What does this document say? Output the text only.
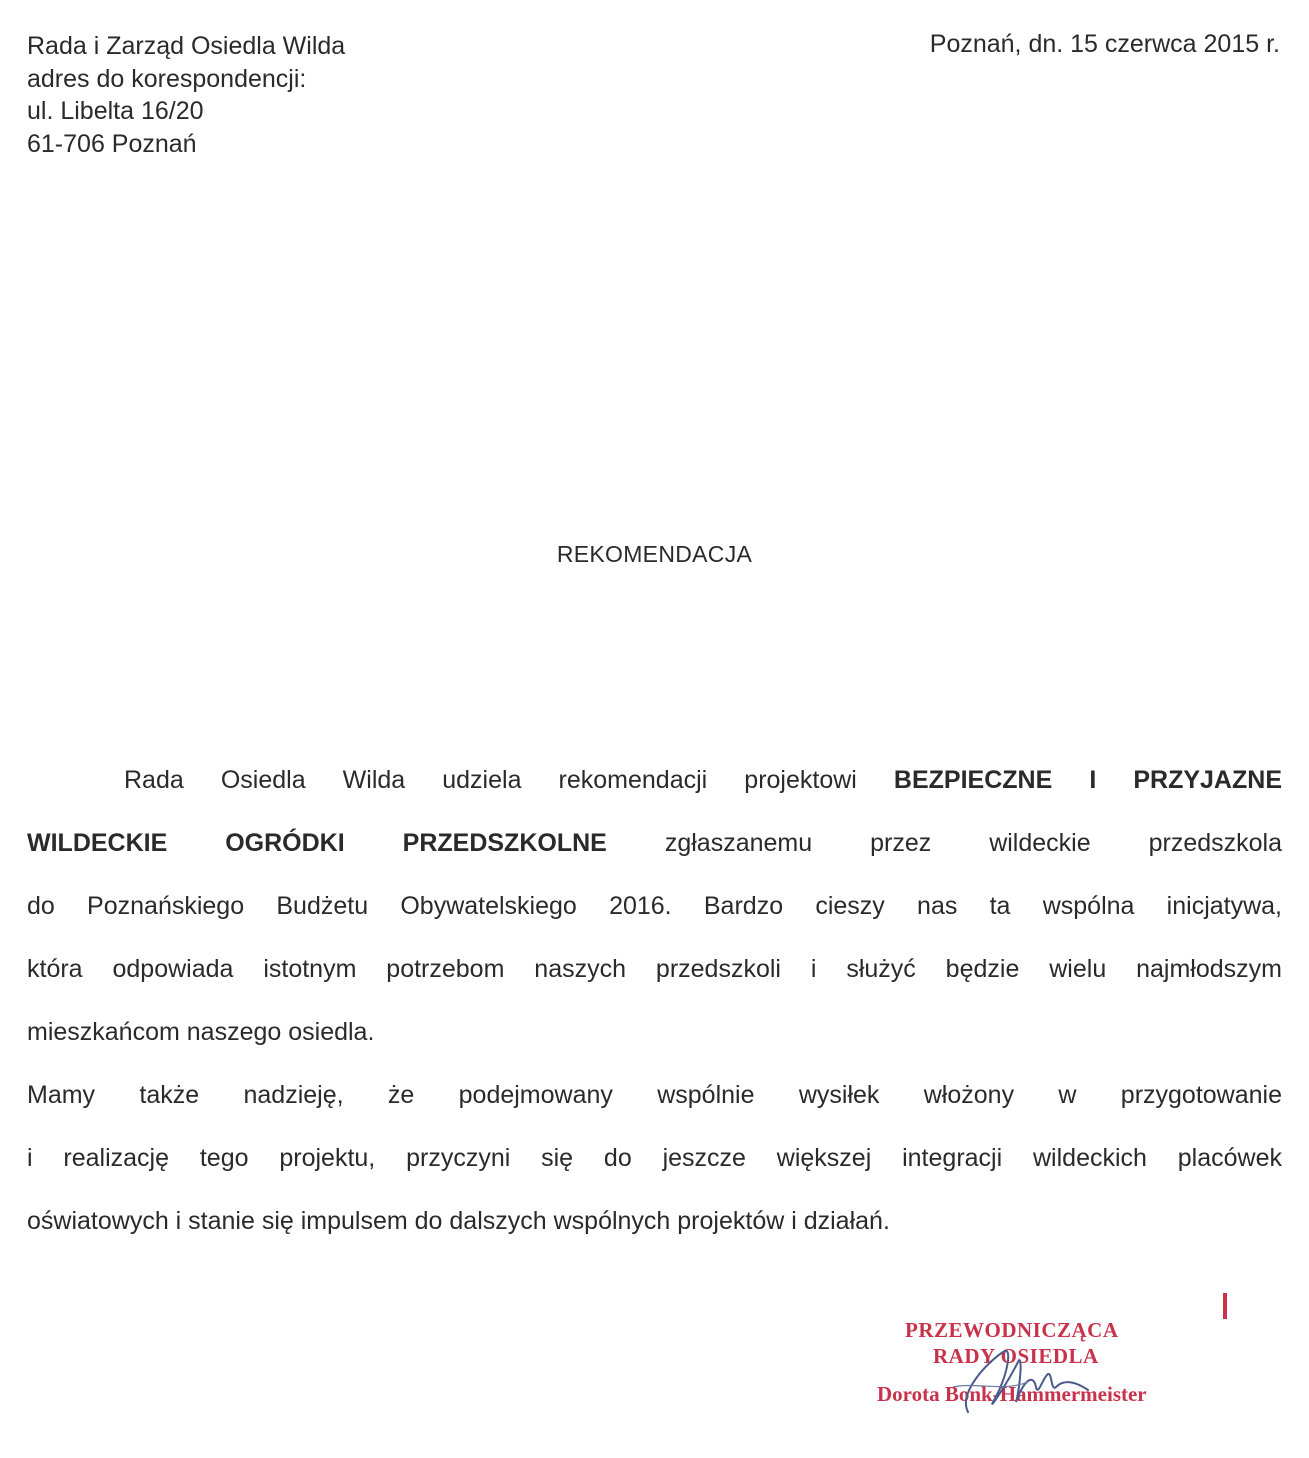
Rada i Zarząd Osiedla Wilda
adres do korespondencji:
ul. Libelta 16/20
61-706 Poznań
Poznań, dn. 15 czerwca 2015 r.
REKOMENDACJA
Rada Osiedla Wilda udziela rekomendacji projektowi BEZPIECZNE I PRZYJAZNE
WILDECKIE OGRÓDKI PRZEDSZKOLNE zgłaszanemu przez wildeckie przedszkola
do Poznańskiego Budżetu Obywatelskiego 2016. Bardzo cieszy nas ta wspólna inicjatywa,
która odpowiada istotnym potrzebom naszych przedszkoli i służyć będzie wielu najmłodszym
mieszkańcom naszego osiedla.
Mamy także nadzieję, że podejmowany wspólnie wysiłek włożony w przygotowanie
i realizację tego projektu, przyczyni się do jeszcze większej integracji wildeckich placówek
oświatowych i stanie się impulsem do dalszych wspólnych projektów i działań.
PRZEWODNICZĄCA
RADY OSIEDLA
Dorota Bonk-Hammermeister
